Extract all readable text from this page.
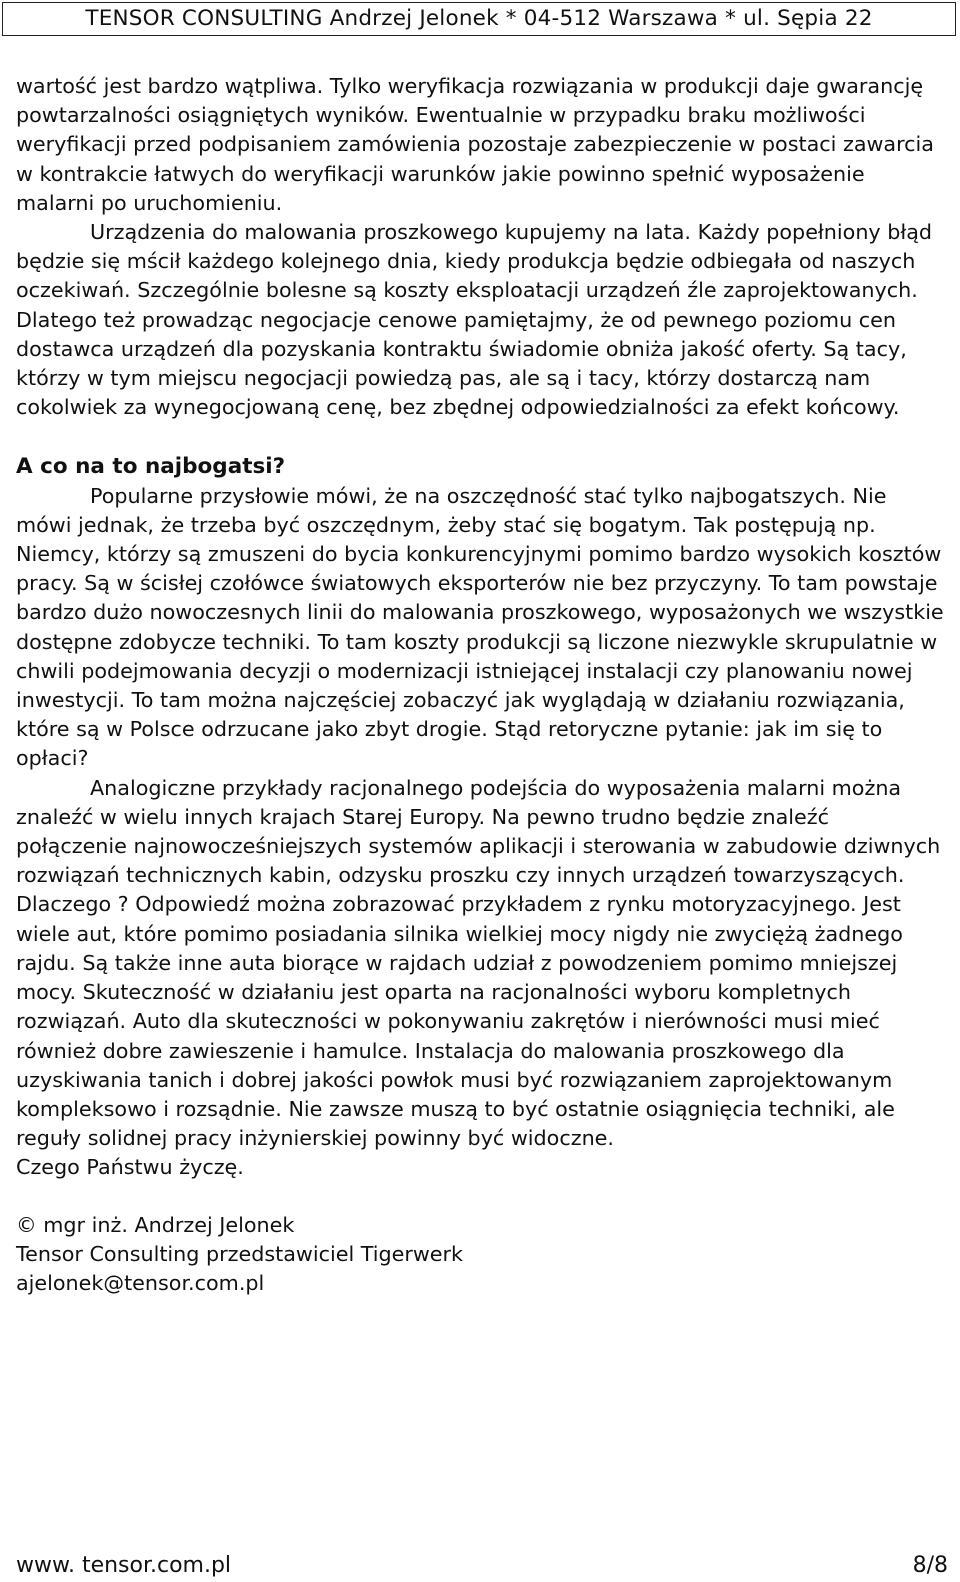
TENSOR CONSULTING Andrzej Jelonek * 04-512 Warszawa * ul. Sępia 22

wartość jest bardzo wątpliwa. Tylko weryfikacja rozwiązania w produkcji daje gwarancję powtarzalności osiągniętych wyników. Ewentualnie w przypadku braku możliwości weryfikacji przed podpisaniem zamówienia pozostaje zabezpieczenie w postaci zawarcia w kontrakcie łatwych do weryfikacji warunków jakie powinno spełnić wyposażenie malarni po uruchomieniu.

Urządzenia do malowania proszkowego kupujemy na lata. Każdy popełniony błąd będzie się mścił każdego kolejnego dnia, kiedy produkcja będzie odbiegała od naszych oczekiwań. Szczególnie bolesne są koszty eksploatacji urządzeń źle zaprojektowanych. Dlatego też prowadząc negocjacje cenowe pamiętajmy, że od pewnego poziomu cen dostawca urządzeń dla pozyskania kontraktu świadomie obniża jakość oferty. Są tacy, którzy w tym miejscu negocjacji powiedzą pas, ale są i tacy, którzy dostarczą nam cokolwiek za wynegocjowaną cenę, bez zbędnej odpowiedzialności za efekt końcowy.

A co na to najbogatsi?

Popularne przysłowie mówi, że na oszczędność stać tylko najbogatszych. Nie mówi jednak, że trzeba być oszczędnym, żeby stać się bogatym. Tak postępują np. Niemcy, którzy są zmuszeni do bycia konkurencyjnymi pomimo bardzo wysokich kosztów pracy. Są w ścisłej czołówce światowych eksporterów nie bez przyczyny. To tam powstaje bardzo dużo nowoczesnych linii do malowania proszkowego, wyposażonych we wszystkie dostępne zdobycze techniki. To tam koszty produkcji są liczone niezwykle skrupulatnie w chwili podejmowania decyzji o modernizacji istniejącej instalacji czy planowaniu nowej inwestycji. To tam można najczęściej zobaczyć jak wyglądają w działaniu rozwiązania, które są w Polsce odrzucane jako zbyt drogie. Stąd retoryczne pytanie: jak im się to opłaci?

Analogiczne przykłady racjonalnego podejścia do wyposażenia malarni można znaleźć w wielu innych krajach Starej Europy. Na pewno trudno będzie znaleźć połączenie najnowocześniejszych systemów aplikacji i sterowania w zabudowie dziwnych rozwiązań technicznych kabin, odzysku proszku czy innych urządzeń towarzyszących. Dlaczego ? Odpowiedź można zobrazować przykładem z rynku motoryzacyjnego. Jest wiele aut, które pomimo posiadania silnika wielkiej mocy nigdy nie zwyciężą żadnego rajdu. Są także inne auta biorące w rajdach udział z powodzeniem pomimo mniejszej mocy. Skuteczność w działaniu jest oparta na racjonalności wyboru kompletnych rozwiązań. Auto dla skuteczności w pokonywaniu zakrętów i nierówności musi mieć również dobre zawieszenie i hamulce. Instalacja do malowania proszkowego dla uzyskiwania tanich i dobrej jakości powłok musi być rozwiązaniem zaprojektowanym kompleksowo i rozsądnie. Nie zawsze muszą to być ostatnie osiągnięcia techniki, ale reguły solidnej pracy inżynierskiej powinny być widoczne.

Czego Państwu życzę.

© mgr inż. Andrzej Jelonek

Tensor Consulting przedstawiciel Tigerwerk

ajelonek@tensor.com.pl

www. tensor.com.pl	8/8
